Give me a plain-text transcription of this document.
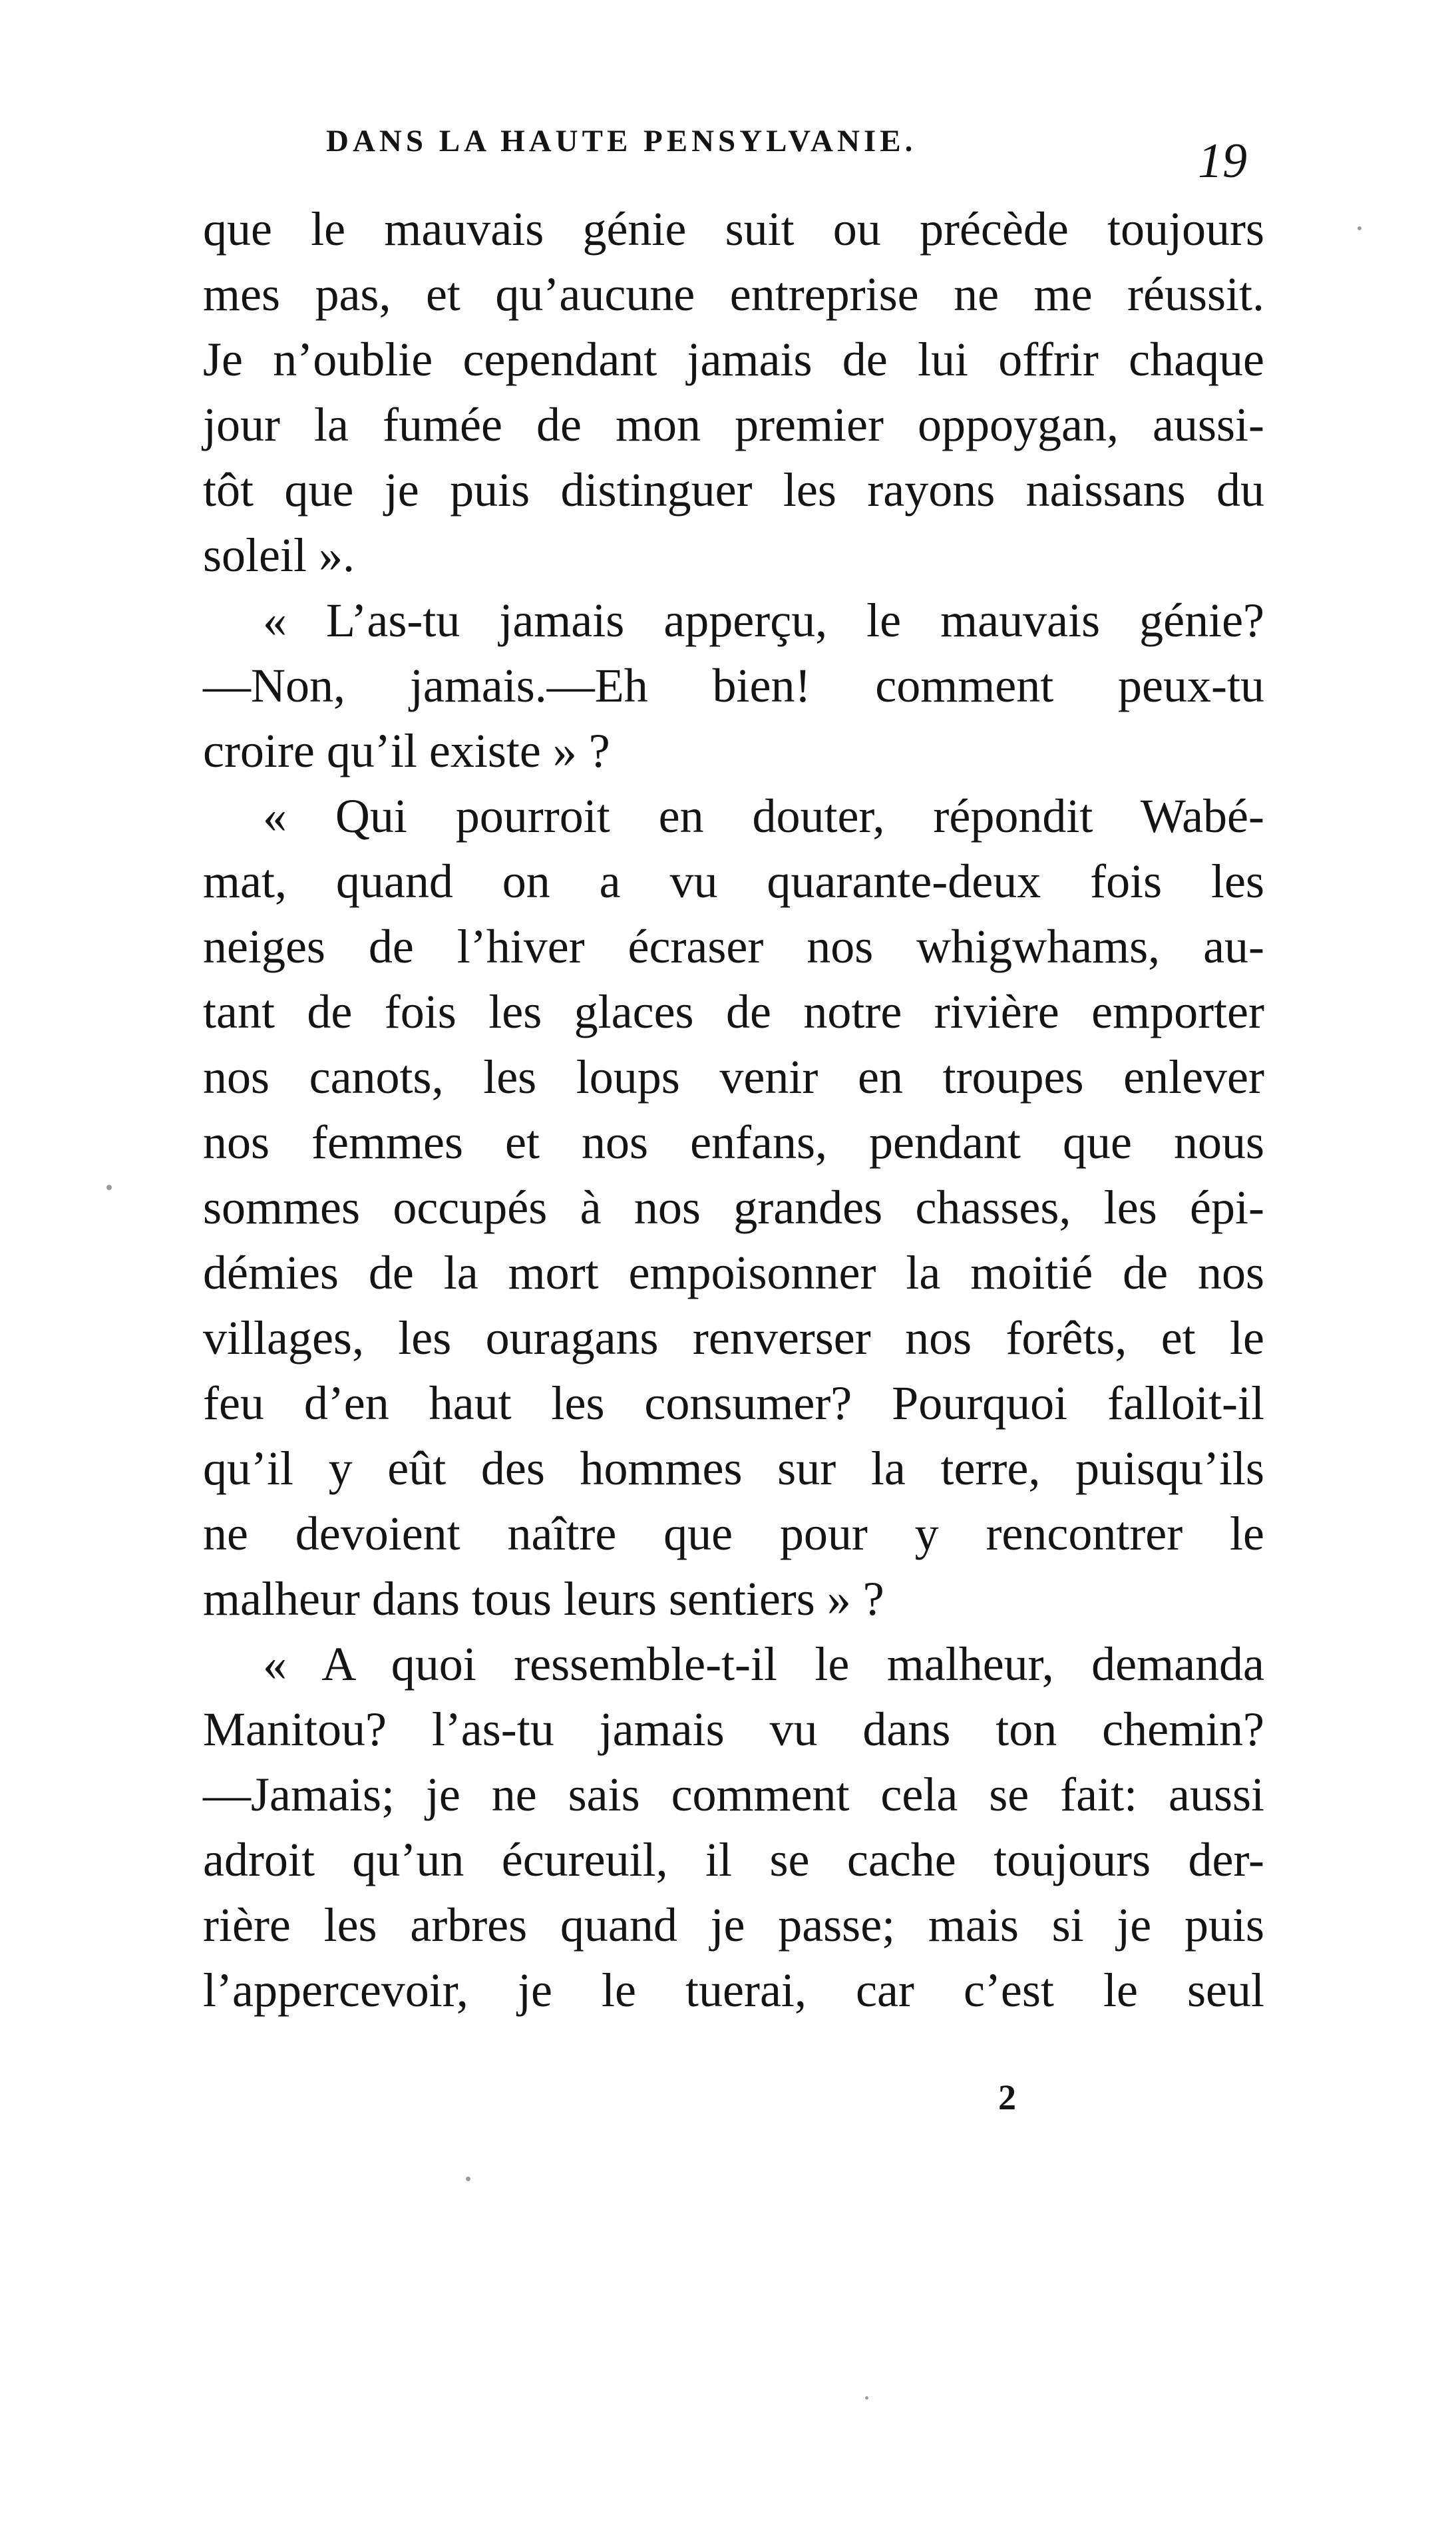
DANS LA HAUTE PENSYLVANIE.	19
que le mauvais génie suit ou précède toujours
mes pas, et qu’aucune entreprise ne me réussit.
Je n’oublie cependant jamais de lui offrir chaque
jour la fumée de mon premier oppoygan, aussi-
tôt que je puis distinguer les rayons naissans du
soleil ».
« L’as-tu jamais apperçu, le mauvais génie?
—Non, jamais.—Eh bien! comment peux-tu
croire qu’il existe » ?
« Qui pourroit en douter, répondit Wabé-
mat, quand on a vu quarante-deux fois les
neiges de l’hiver écraser nos whigwhams, au-
tant de fois les glaces de notre rivière emporter
nos canots, les loups venir en troupes enlever
nos femmes et nos enfans, pendant que nous
sommes occupés à nos grandes chasses, les épi-
démies de la mort empoisonner la moitié de nos
villages, les ouragans renverser nos forêts, et le
feu d’en haut les consumer? Pourquoi falloit-il
qu’il y eût des hommes sur la terre, puisqu’ils
ne devoient naître que pour y rencontrer le
malheur dans tous leurs sentiers » ?
« A quoi ressemble-t-il le malheur, demanda
Manitou? l’as-tu jamais vu dans ton chemin?
—Jamais; je ne sais comment cela se fait: aussi
adroit qu’un écureuil, il se cache toujours der-
rière les arbres quand je passe; mais si je puis
l’appercevoir, je le tuerai, car c’est le seul
2
